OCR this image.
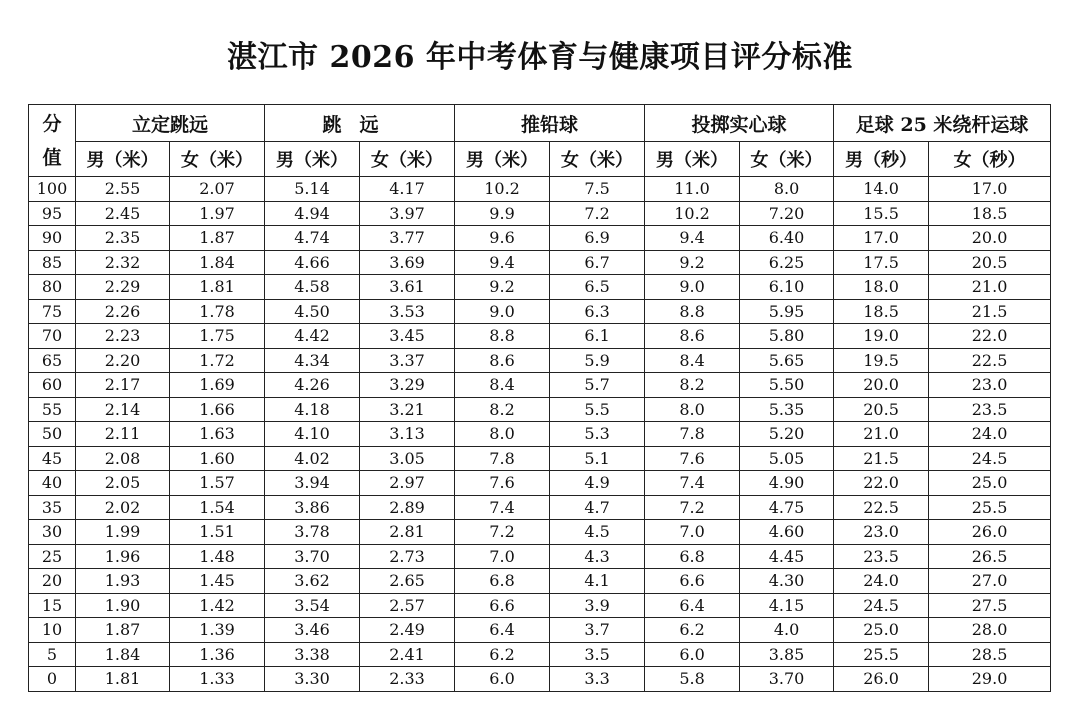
湛江市 2026 年中考体育与健康项目评分标准
分
值	立定跳远		跳远		推铅球		投掷实心球		足球 25 米绕杆运球	
	男（米）	女（米）	男（米）	女（米）	男（米）	女（米）	男（米）	女（米）	男（秒）	女（秒）
100	2.55	2.07	5.14	4.17	10.2	7.5	11.0	8.0	14.0	17.0
95	2.45	1.97	4.94	3.97	9.9	7.2	10.2	7.20	15.5	18.5
90	2.35	1.87	4.74	3.77	9.6	6.9	9.4	6.40	17.0	20.0
85	2.32	1.84	4.66	3.69	9.4	6.7	9.2	6.25	17.5	20.5
80	2.29	1.81	4.58	3.61	9.2	6.5	9.0	6.10	18.0	21.0
75	2.26	1.78	4.50	3.53	9.0	6.3	8.8	5.95	18.5	21.5
70	2.23	1.75	4.42	3.45	8.8	6.1	8.6	5.80	19.0	22.0
65	2.20	1.72	4.34	3.37	8.6	5.9	8.4	5.65	19.5	22.5
60	2.17	1.69	4.26	3.29	8.4	5.7	8.2	5.50	20.0	23.0
55	2.14	1.66	4.18	3.21	8.2	5.5	8.0	5.35	20.5	23.5
50	2.11	1.63	4.10	3.13	8.0	5.3	7.8	5.20	21.0	24.0
45	2.08	1.60	4.02	3.05	7.8	5.1	7.6	5.05	21.5	24.5
40	2.05	1.57	3.94	2.97	7.6	4.9	7.4	4.90	22.0	25.0
35	2.02	1.54	3.86	2.89	7.4	4.7	7.2	4.75	22.5	25.5
30	1.99	1.51	3.78	2.81	7.2	4.5	7.0	4.60	23.0	26.0
25	1.96	1.48	3.70	2.73	7.0	4.3	6.8	4.45	23.5	26.5
20	1.93	1.45	3.62	2.65	6.8	4.1	6.6	4.30	24.0	27.0
15	1.90	1.42	3.54	2.57	6.6	3.9	6.4	4.15	24.5	27.5
10	1.87	1.39	3.46	2.49	6.4	3.7	6.2	4.0	25.0	28.0
5	1.84	1.36	3.38	2.41	6.2	3.5	6.0	3.85	25.5	28.5
0	1.81	1.33	3.30	2.33	6.0	3.3	5.8	3.70	26.0	29.0
